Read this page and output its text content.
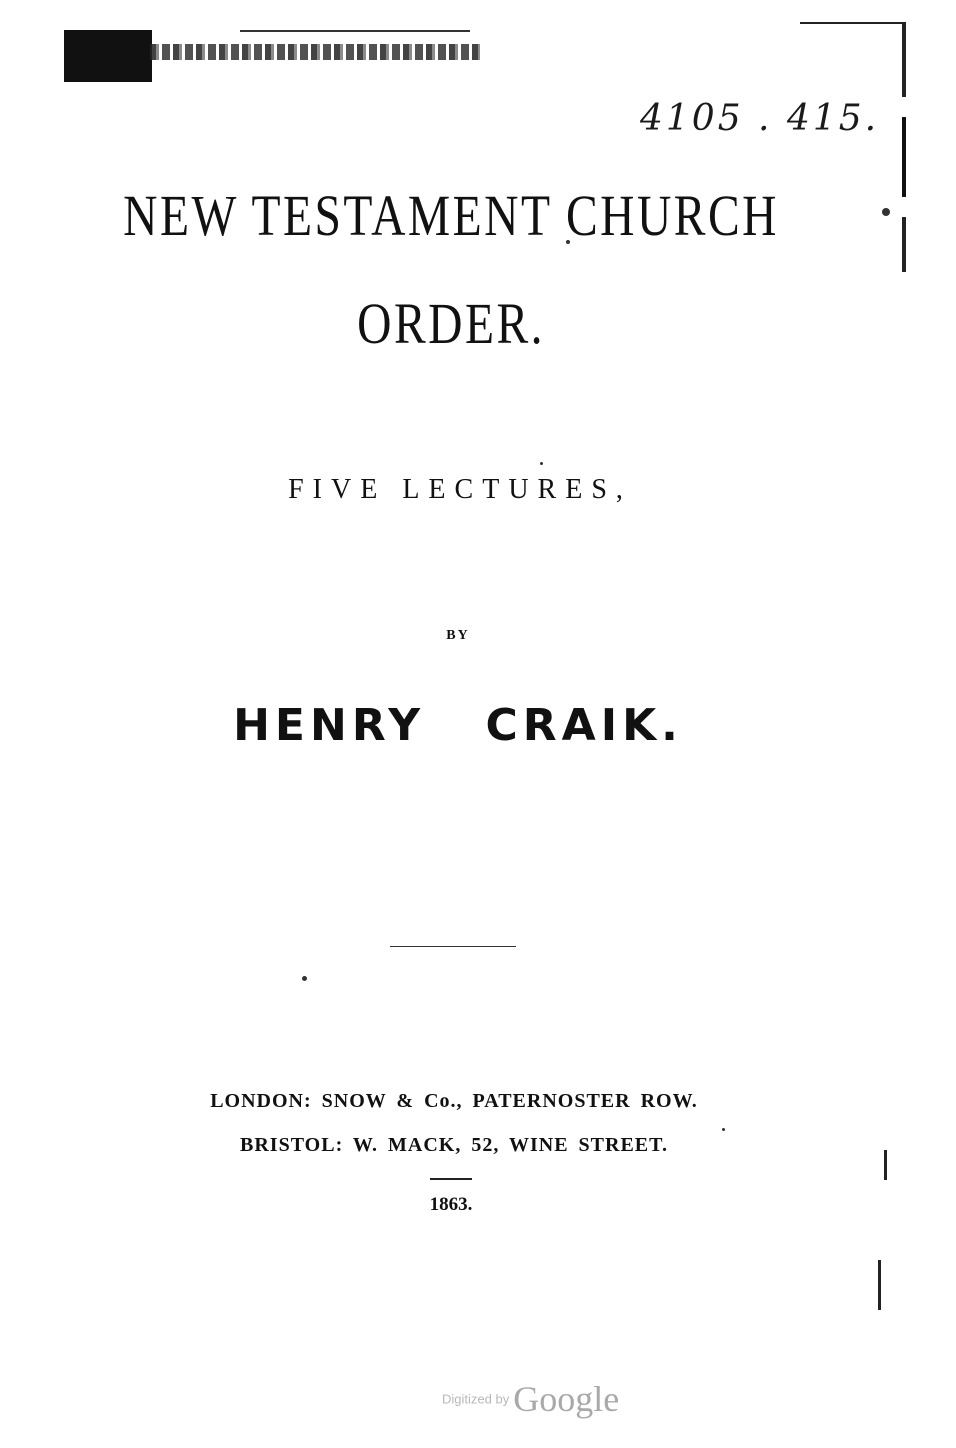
4105 . 415.
NEW TESTAMENT CHURCH
ORDER.
FIVE LECTURES,
BY
HENRY CRAIK.
LONDON: SNOW & Co., PATERNOSTER ROW.
BRISTOL: W. MACK, 52, WINE STREET.
1863.
Digitized by Google
